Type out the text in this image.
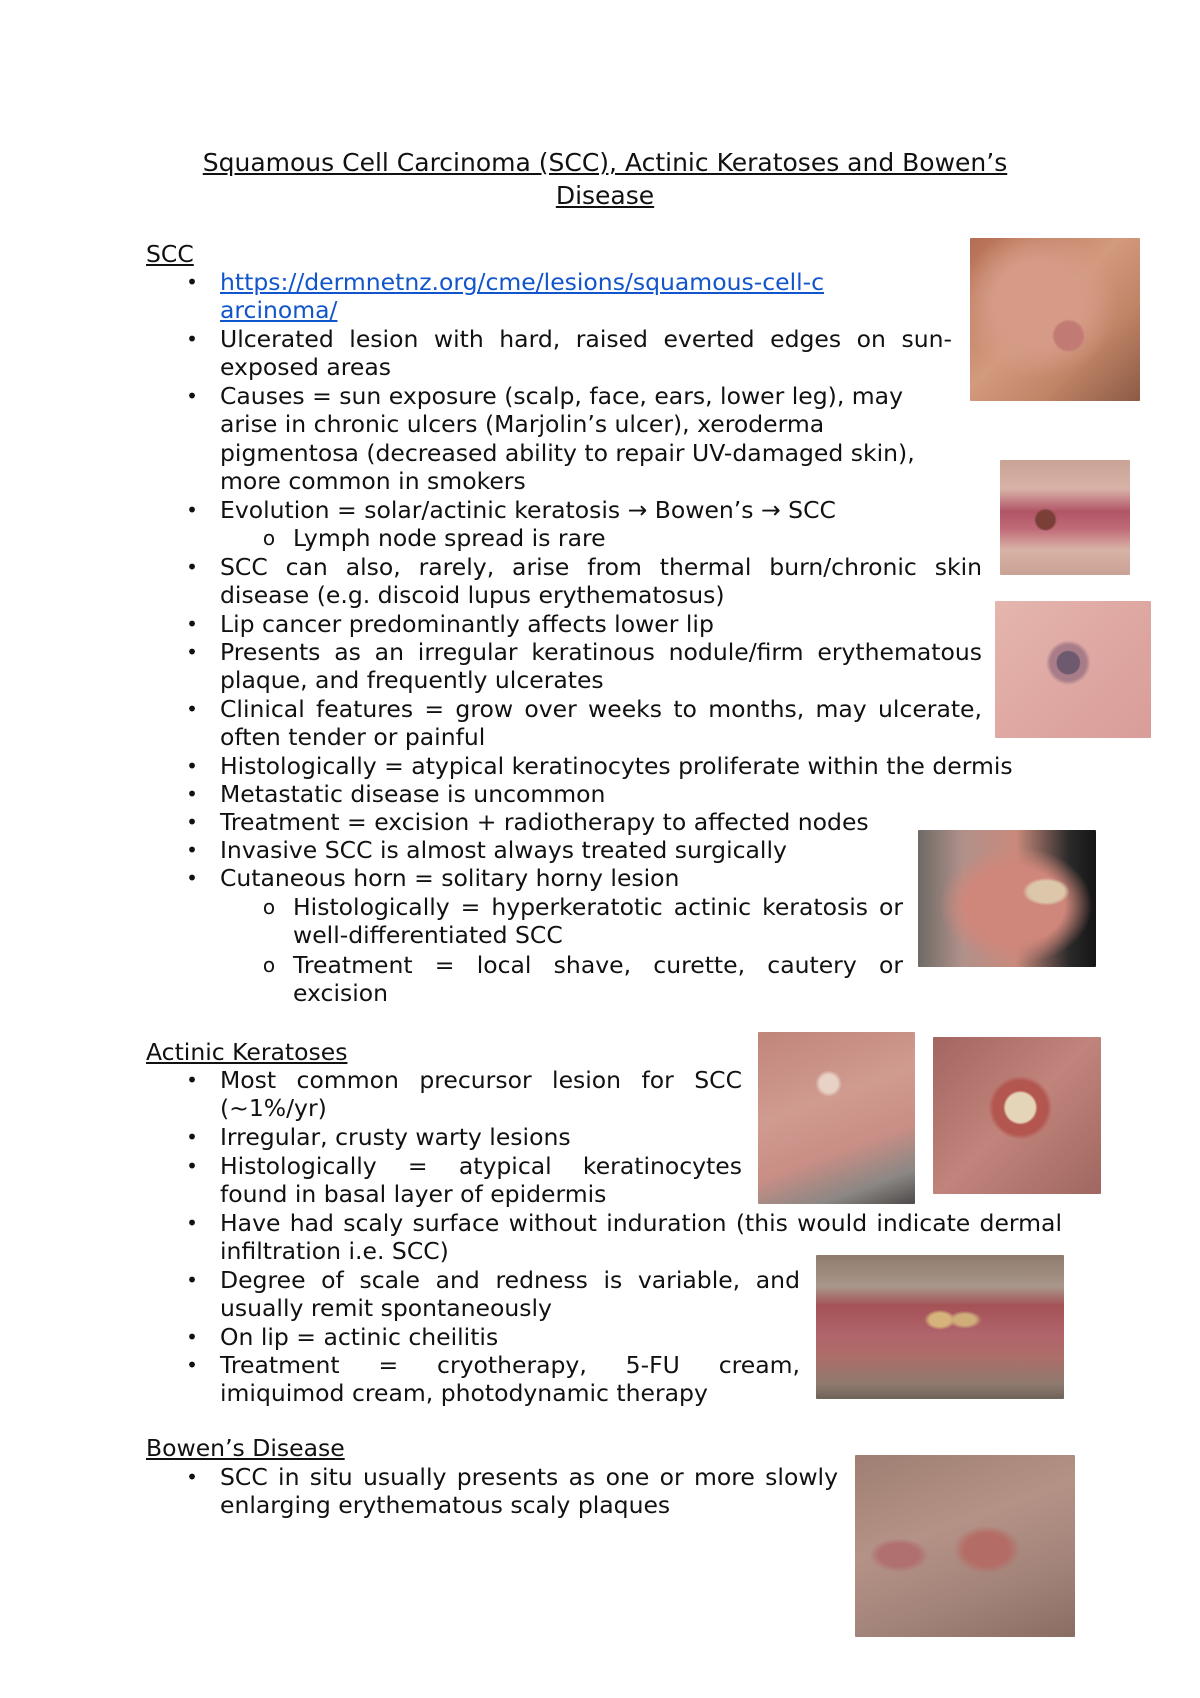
Squamous Cell Carcinoma (SCC), Actinic Keratoses and Bowen’s
Disease
SCC
• https://dermnetnz.org/cme/lesions/squamous-cell-carcinoma/
• Ulcerated lesion with hard, raised everted edges on sun-exposed areas
• Causes = sun exposure (scalp, face, ears, lower leg), may arise in chronic ulcers (Marjolin’s ulcer), xeroderma pigmentosa (decreased ability to repair UV-damaged skin), more common in smokers
• Evolution = solar/actinic keratosis → Bowen’s → SCC
o Lymph node spread is rare
• SCC can also, rarely, arise from thermal burn/chronic skin disease (e.g. discoid lupus erythematosus)
• Lip cancer predominantly affects lower lip
• Presents as an irregular keratinous nodule/firm erythematous plaque, and frequently ulcerates
• Clinical features = grow over weeks to months, may ulcerate, often tender or painful
• Histologically = atypical keratinocytes proliferate within the dermis
• Metastatic disease is uncommon
• Treatment = excision + radiotherapy to affected nodes
• Invasive SCC is almost always treated surgically
• Cutaneous horn = solitary horny lesion
o Histologically = hyperkeratotic actinic keratosis or well-differentiated SCC
o Treatment = local shave, curette, cautery or excision
Actinic Keratoses
• Most common precursor lesion for SCC (~1%/yr)
• Irregular, crusty warty lesions
• Histologically = atypical keratinocytes found in basal layer of epidermis
• Have had scaly surface without induration (this would indicate dermal infiltration i.e. SCC)
• Degree of scale and redness is variable, and usually remit spontaneously
• On lip = actinic cheilitis
• Treatment = cryotherapy, 5-FU cream, imiquimod cream, photodynamic therapy
Bowen’s Disease
• SCC in situ usually presents as one or more slowly enlarging erythematous scaly plaques
